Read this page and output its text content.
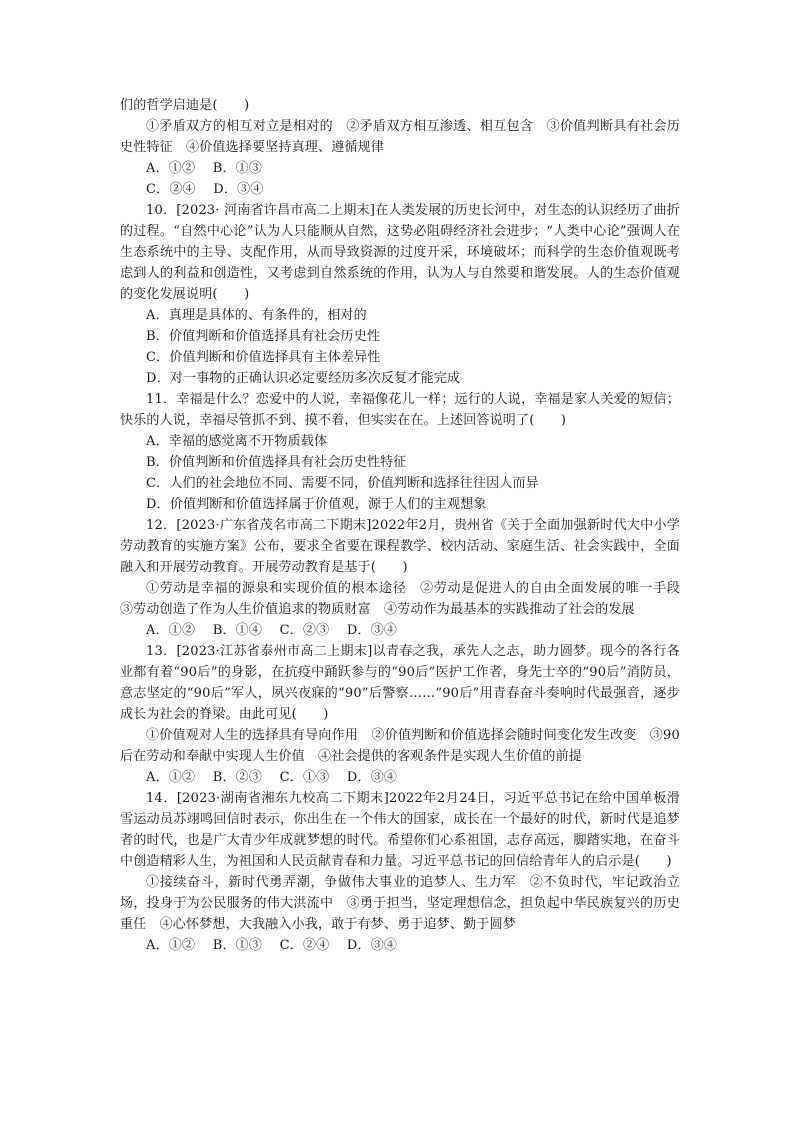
们的哲学启迪是(　　)

①矛盾双方的相互对立是相对的　②矛盾双方相互渗透、相互包含　③价值判断具有社会历史性特征　④价值选择要坚持真理、遵循规律

A．①②　 B．①③

C．②④　 D．③④

10．[2023· 河南省许昌市高二上期末]在人类发展的历史长河中，对生态的认识经历了曲折的过程。“自然中心论”认为人只能顺从自然，这势必阻碍经济社会进步；“人类中心论”强调人在生态系统中的主导、支配作用，从而导致资源的过度开采，环境破坏；而科学的生态价值观既考虑到人的利益和创造性，又考虑到自然系统的作用，认为人与自然要和谐发展。人的生态价值观的变化发展说明(　　)

A．真理是具体的、有条件的，相对的

B．价值判断和价值选择具有社会历史性

C．价值判断和价值选择具有主体差异性

D．对一事物的正确认识必定要经历多次反复才能完成

11．幸福是什么？恋爱中的人说，幸福像花儿一样；远行的人说，幸福是家人关爱的短信；快乐的人说，幸福尽管抓不到、摸不着，但实实在在。上述回答说明了(　　)

A．幸福的感觉离不开物质载体

B．价值判断和价值选择具有社会历史性特征

C．人们的社会地位不同、需要不同，价值判断和选择往往因人而异

D．价值判断和价值选择属于价值观，源于人们的主观想象

12．[2023·广东省茂名市高二下期末]2022年2月，贵州省《关于全面加强新时代大中小学劳动教育的实施方案》公布，要求全省要在课程教学、校内活动、家庭生活、社会实践中，全面融入和开展劳动教育。开展劳动教育是基于(　　)

①劳动是幸福的源泉和实现价值的根本途径　②劳动是促进人的自由全面发展的唯一手段　③劳动创造了作为人生价值追求的物质财富　④劳动作为最基本的实践推动了社会的发展

A．①②　 B．①④　 C．②③　 D．③④

13．[2023·江苏省泰州市高二上期末]以青春之我，承先人之志，助力圆梦。现今的各行各业都有着“90后”的身影，在抗疫中踊跃参与的“90后”医护工作者，身先士卒的“90后”消防员，意志坚定的“90后”军人，夙兴夜寐的“90”后警察……“90后”用青春奋斗奏响时代最强音，逐步成长为社会的脊梁。由此可见(　　)

①价值观对人生的选择具有导向作用　②价值判断和价值选择会随时间变化发生改变　③90后在劳动和奉献中实现人生价值　④社会提供的客观条件是实现人生价值的前提

A．①②　 B．②③　 C．①③　 D．③④

14．[2023·湖南省湘东九校高二下期末]2022年2月24日，习近平总书记在给中国单板滑雪运动员苏翊鸣回信时表示，你出生在一个伟大的国家，成长在一个最好的时代，新时代是追梦者的时代，也是广大青少年成就梦想的时代。希望你们心系祖国，志存高远，脚踏实地，在奋斗中创造精彩人生，为祖国和人民贡献青春和力量。习近平总书记的回信给青年人的启示是(　　)

①接续奋斗，新时代勇弄潮，争做伟大事业的追梦人、生力军　②不负时代，牢记政治立场，投身于为公民服务的伟大洪流中　③勇于担当，坚定理想信念，担负起中华民族复兴的历史重任　④心怀梦想，大我融入小我，敢于有梦、勇于追梦、勤于圆梦

A．①②　 B．①③　 C．②④　 D．③④
